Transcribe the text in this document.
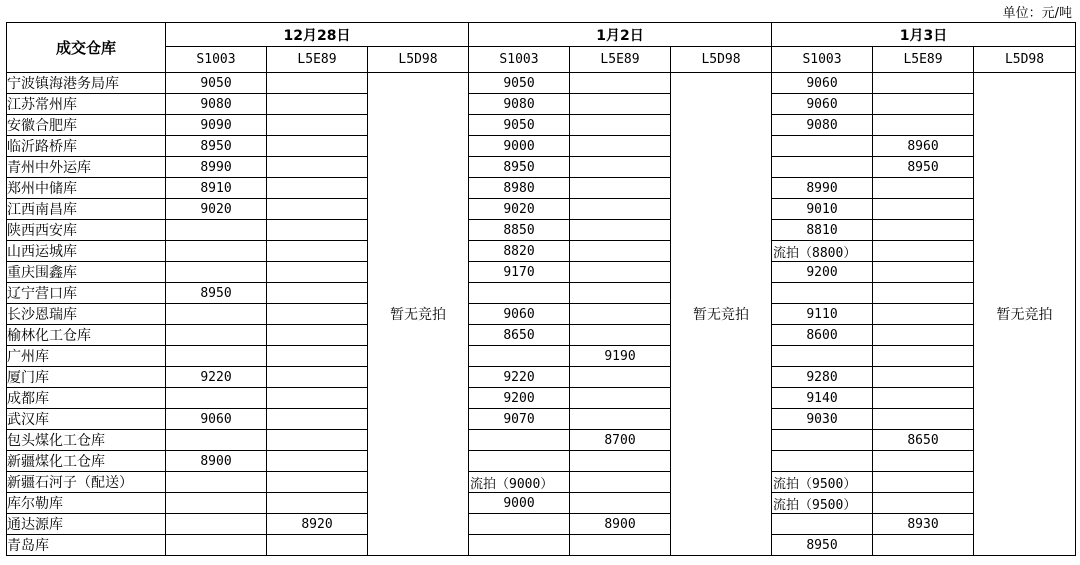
单位：元/吨
成交仓库	12月28日			1月2日			1月3日		
	S1003	L5E89	L5D98	S1003	L5E89	L5D98	S1003	L5E89	L5D98
宁波镇海港务局库	9050		暂无竞拍	9050		暂无竞拍	9060		暂无竞拍
江苏常州库	9080			9080			9060		
安徽合肥库	9090			9050			9080		
临沂路桥库	8950			9000				8960	
青州中外运库	8990			8950				8950	
郑州中储库	8910			8980			8990		
江西南昌库	9020			9020			9010		
陕西西安库				8850			8810		
山西运城库				8820			流拍（8800）		
重庆围鑫库				9170			9200		
辽宁营口库	8950								
长沙恩瑞库				9060			9110		
榆林化工仓库				8650			8600		
广州库					9190				
厦门库	9220			9220			9280		
成都库				9200			9140		
武汉库	9060			9070			9030		
包头煤化工仓库					8700			8650	
新疆煤化工仓库	8900								
新疆石河子（配送）				流拍（9000）			流拍（9500）		
库尔勒库				9000			流拍（9500）		
通达源库		8920			8900			8930	
青岛库							8950		
